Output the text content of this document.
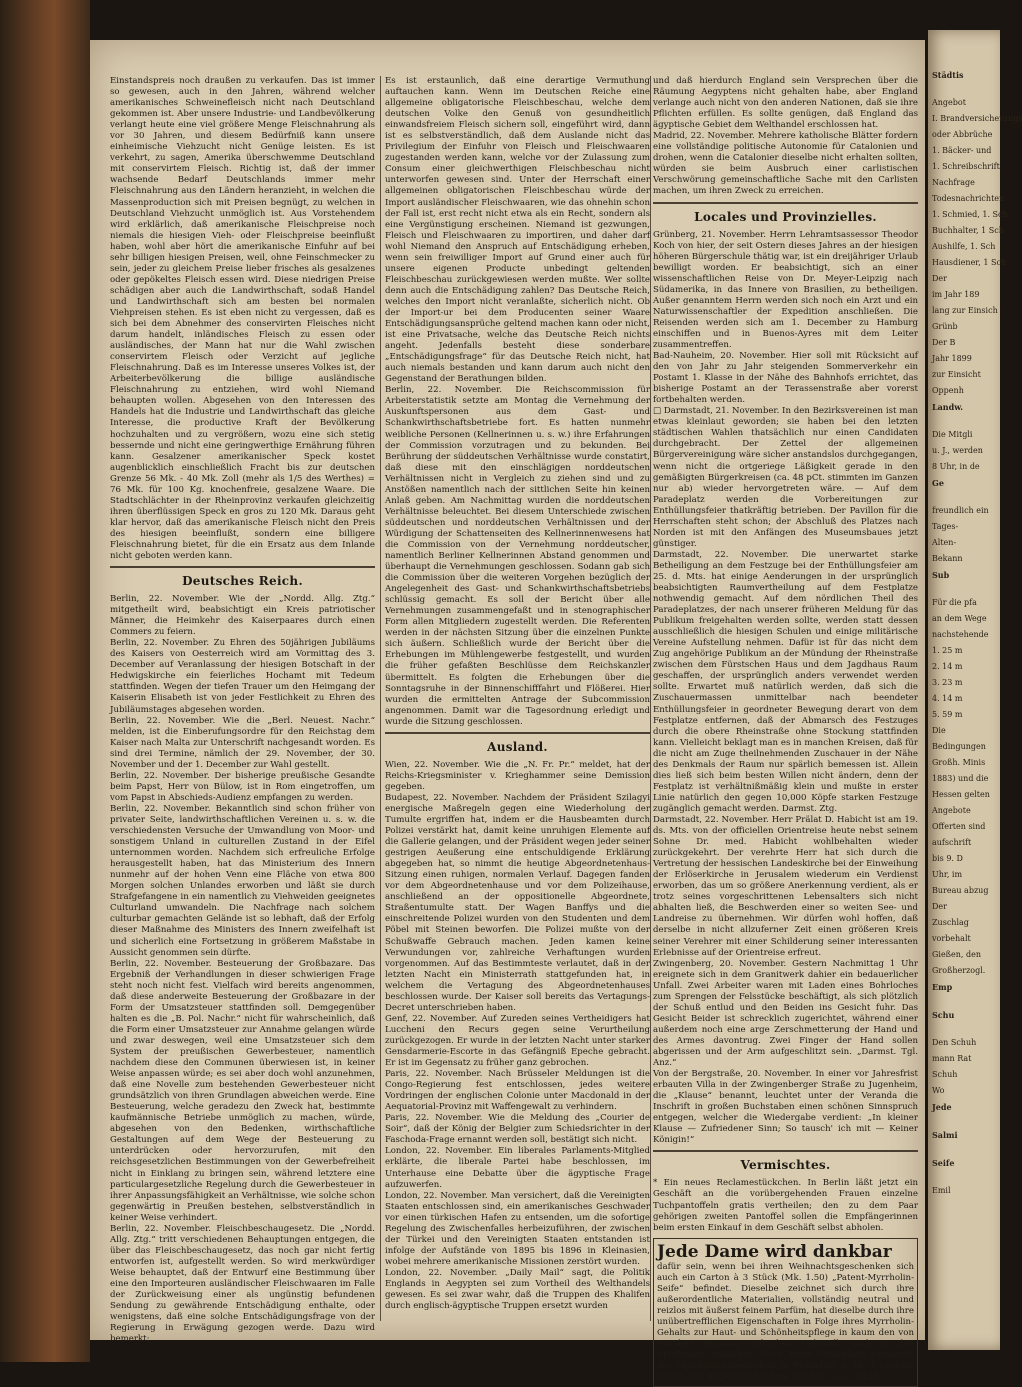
Einstandspreis noch draußen zu verkaufen. Das ist immer so gewesen, auch in den Jahren, während welcher amerikanisches Schweinefleisch nicht nach Deutschland gekommen ist. Aber unsere Industrie- und Landbevölkerung verlangt heute eine viel größere Menge Fleischnahrung als vor 30 Jahren, und diesem Bedürfniß kann unsere einheimische Viehzucht nicht Genüge leisten. Es ist verkehrt, zu sagen, Amerika überschwemme Deutschland mit conservirtem Fleisch. Richtig ist, daß der immer wachsende Bedarf Deutschlands immer mehr Fleischnahrung aus den Ländern heranzieht, in welchen die Massenproduction sich mit Preisen begnügt, zu welchen in Deutschland Viehzucht unmöglich ist. Aus Vorstehendem wird erklärlich, daß amerikanische Fleischpreise noch niemals die hiesigen Vieh- oder Fleischpreise beeinflußt haben, wohl aber hört die amerikanische Einfuhr auf bei sehr billigen hiesigen Preisen, weil, ohne Feinschmecker zu sein, jeder zu gleichem Preise lieber frisches als gesalzenes oder gepökeltes Fleisch essen wird. Diese niedrigen Preise schädigen aber auch die Landwirthschaft, sodaß Handel und Landwirthschaft sich am besten bei normalen Viehpreisen stehen. Es ist eben nicht zu vergessen, daß es sich bei dem Abnehmer des conservirten Fleisches nicht darum handelt, inländisches Fleisch zu essen oder ausländisches, der Mann hat nur die Wahl zwischen conservirtem Fleisch oder Verzicht auf jegliche Fleischnahrung. Daß es im Interesse unseres Volkes ist, der Arbeiterbevölkerung die billige ausländische Fleischnahrung zu entziehen, wird wohl Niemand behaupten wollen. Abgesehen von den Interessen des Handels hat die Industrie und Landwirthschaft das gleiche Interesse, die productive Kraft der Bevölkerung hochzuhalten und zu vergrößern, wozu eine sich stetig bessernde und nicht eine geringwerthige Ernährung führen kann. Gesalzener amerikanischer Speck kostet augenblicklich einschließlich Fracht bis zur deutschen Grenze 56 Mk. - 40 Mk. Zoll (mehr als 1/5 des Werthes) = 76 Mk. für 100 Kg. knochenfreie, gesalzene Waare. Die Stadtschlächter in der Rheinprovinz verkaufen gleichzeitig ihren überflüssigen Speck en gros zu 120 Mk. Daraus geht klar hervor, daß das amerikanische Fleisch nicht den Preis des hiesigen beeinflußt, sondern eine billigere Fleischnahrung bietet, für die ein Ersatz aus dem Inlande nicht geboten werden kann.

Deutsches Reich.

Berlin, 22. November. Wie der „Nordd. Allg. Ztg.“ mitgetheilt wird, beabsichtigt ein Kreis patriotischer Männer, die Heimkehr des Kaiserpaares durch einen Commers zu feiern.

Berlin, 22. November. Zu Ehren des 50jährigen Jubiläums des Kaisers von Oesterreich wird am Vormittag des 3. December auf Veranlassung der hiesigen Botschaft in der Hedwigskirche ein feierliches Hochamt mit Tedeum stattfinden. Wegen der tiefen Trauer um den Heimgang der Kaiserin Elisabeth ist von jeder Festlichkeit zu Ehren des Jubiläumstages abgesehen worden.

Berlin, 22. November. Wie die „Berl. Neuest. Nachr.“ melden, ist die Einberufungsordre für den Reichstag dem Kaiser nach Malta zur Unterschrift nachgesandt worden. Es sind drei Termine, nämlich der 29. November, der 30. November und der 1. December zur Wahl gestellt.

Berlin, 22. November. Der bisherige preußische Gesandte beim Papst, Herr von Bülow, ist in Rom eingetroffen, um vom Papst in Abschieds-Audienz empfangen zu werden.

Berlin, 22. November. Bekanntlich sind schon früher von privater Seite, landwirthschaftlichen Vereinen u. s. w. die verschiedensten Versuche der Umwandlung von Moor- und sonstigem Unland in culturellen Zustand in der Eifel unternommen worden. Nachdem sich erfreuliche Erfolge herausgestellt haben, hat das Ministerium des Innern nunmehr auf der hohen Venn eine Fläche von etwa 800 Morgen solchen Unlandes erworben und läßt sie durch Strafgefangene in ein namentlich zu Viehweiden geeignetes Culturland umwandeln. Die Nachfrage nach solchem culturbar gemachten Gelände ist so lebhaft, daß der Erfolg dieser Maßnahme des Ministers des Innern zweifelhaft ist und sicherlich eine Fortsetzung in größerem Maßstabe in Aussicht genommen sein dürfte.

Berlin, 22. November. Besteuerung der Großbazare. Das Ergebniß der Verhandlungen in dieser schwierigen Frage steht noch nicht fest. Vielfach wird bereits angenommen, daß diese anderweite Besteuerung der Großbazare in der Form der Umsatzsteuer stattfinden soll. Demgegenüber halten es die „B. Pol. Nachr.“ nicht für wahrscheinlich, daß die Form einer Umsatzsteuer zur Annahme gelangen würde und zwar deswegen, weil eine Umsatzsteuer sich dem System der preußischen Gewerbesteuer, namentlich nachdem diese den Communen überwiesen ist, in keiner Weise anpassen würde; es sei aber doch wohl anzunehmen, daß eine Novelle zum bestehenden Gewerbesteuer nicht grundsätzlich von ihren Grundlagen abweichen werde. Eine Besteuerung, welche geradezu den Zweck hat, bestimmte kaufmännische Betriebe unmöglich zu machen, würde, abgesehen von den Bedenken, wirthschaftliche Gestaltungen auf dem Wege der Besteuerung zu unterdrücken oder hervorzurufen, mit den reichsgesetzlichen Bestimmungen von der Gewerbefreiheit nicht in Einklang zu bringen sein, während letztere eine particulargesetzliche Regelung durch die Gewerbesteuer in ihrer Anpassungsfähigkeit an Verhältnisse, wie solche schon gegenwärtig in Preußen bestehen, selbstverständlich in keiner Weise verhindert.

Berlin, 22. November. Fleischbeschaugesetz. Die „Nordd. Allg. Ztg.“ tritt verschiedenen Behauptungen entgegen, die über das Fleischbeschaugesetz, das noch gar nicht fertig entworfen ist, aufgestellt werden. So wird merkwürdiger Weise behauptet, daß der Entwurf eine Bestimmung über eine den Importeuren ausländischer Fleischwaaren im Falle der Zurückweisung einer als ungünstig befundenen Sendung zu gewährende Entschädigung enthalte, oder wenigstens, daß eine solche Entschädigungsfrage von der Regierung in Erwägung gezogen werde. Dazu wird bemerkt:

Es ist erstaunlich, daß eine derartige Vermuthung auftauchen kann. Wenn im Deutschen Reiche eine allgemeine obligatorische Fleischbeschau, welche dem deutschen Volke den Genuß von gesundheitlich einwandsfreiem Fleisch sichern soll, eingeführt wird, dann ist es selbstverständlich, daß dem Auslande nicht das Privilegium der Einfuhr von Fleisch und Fleischwaaren zugestanden werden kann, welche vor der Zulassung zum Consum einer gleichwerthigen Fleischbeschau nicht unterworfen gewesen sind. Unter der Herrschaft einer allgemeinen obligatorischen Fleischbeschau würde der Import ausländischer Fleischwaaren, wie das ohnehin schon der Fall ist, erst recht nicht etwa als ein Recht, sondern als eine Vergünstigung erscheinen. Niemand ist gezwungen, Fleisch und Fleischwaaren zu importiren, und daher darf wohl Niemand den Anspruch auf Entschädigung erheben, wenn sein freiwilliger Import auf Grund einer auch für unsere eigenen Producte unbedingt geltenden Fleischbeschau zurückgewiesen werden mußte. Wer sollte denn auch die Entschädigung zahlen? Das Deutsche Reich, welches den Import nicht veranlaßte, sicherlich nicht. Ob der Import-ur bei dem Producenten seiner Waare Entschädigungsansprüche geltend machen kann oder nicht, ist eine Privatsache, welche das Deutsche Reich nichts angeht. Jedenfalls besteht diese sonderbare „Entschädigungsfrage“ für das Deutsche Reich nicht, hat auch niemals bestanden und kann darum auch nicht den Gegenstand der Berathungen bilden.

Berlin, 22. November. Die Reichscommission für Arbeiterstatistik setzte am Montag die Vernehmung der Auskunftspersonen aus dem Gast- und Schankwirthschaftsbetriebe fort. Es hatten nunmehr weibliche Personen (Kellnerinnen u. s. w.) ihre Erfahrungen der Commission vorzutragen und zu bekunden. Bei Berührung der süddeutschen Verhältnisse wurde constatirt, daß diese mit den einschlägigen norddeutschen Verhältnissen nicht in Vergleich zu ziehen sind und zu Anstößen namentlich nach der sittlichen Seite hin keinen Anlaß geben. Am Nachmittag wurden die norddeutschen Verhältnisse beleuchtet. Bei diesem Unterschiede zwischen süddeutschen und norddeutschen Verhältnissen und der Würdigung der Schattenseiten des Kellnerinnenwesens hat die Commission von der Vernehmung norddeutscher, namentlich Berliner Kellnerinnen Abstand genommen und überhaupt die Vernehmungen geschlossen. Sodann gab sich die Commission über die weiteren Vorgehen bezüglich der Angelegenheit des Gast- und Schankwirthschaftsbetriebs schlüssig gemacht. Es soll der Bericht über alle Vernehmungen zusammengefaßt und in stenographischer Form allen Mitgliedern zugestellt werden. Die Referenten werden in der nächsten Sitzung über die einzelnen Punkte sich äußern. Schließlich wurde der Bericht über die Erhebungen im Mühlengewerbe festgestellt, und wurden die früher gefaßten Beschlüsse dem Reichskanzler übermittelt. Es folgten die Erhebungen über die Sonntagsruhe in der Binnenschifffahrt und Flößerei. Hier wurden die ermittelten Antrage der Subcommission angenommen. Damit war die Tagesordnung erledigt und wurde die Sitzung geschlossen.

Ausland.

Wien, 22. November. Wie die „N. Fr. Pr.“ meldet, hat der Reichs-Kriegsminister v. Krieghammer seine Demission gegeben.

Budapest, 22. November. Nachdem der Präsident Szilagyi energische Maßregeln gegen eine Wiederholung der Tumulte ergriffen hat, indem er die Hausbeamten durch Polizei verstärkt hat, damit keine unruhigen Elemente auf die Gallerie gelangen, und der Präsident wegen jeder seiner gestrigen Aeußerung eine entschuldigende Erklärung abgegeben hat, so nimmt die heutige Abgeordnetenhaus-Sitzung einen ruhigen, normalen Verlauf. Dagegen fanden vor dem Abgeordnetenhause und vor dem Polizeihause, anschließend an der oppositionelle Abgeordnete, Straßentumulte statt. Der Wagen Banffys und die einschreitende Polizei wurden von den Studenten und dem Pöbel mit Steinen beworfen. Die Polizei mußte von der Schußwaffe Gebrauch machen. Jeden kamen keine Verwundungen vor, zahlreiche Verhaftungen wurden vorgenommen. Auf das Bestimmteste verlautet, daß in der letzten Nacht ein Ministerrath stattgefunden hat, in welchem die Vertagung des Abgeordnetenhauses beschlossen wurde. Der Kaiser soll bereits das Vertagungs-Decret unterschrieben haben.

Genf, 22. November. Auf Zureden seines Vertheidigers hat Luccheni den Recurs gegen seine Verurtheilung zurückgezogen. Er wurde in der letzten Nacht unter starker Gensdarmerie-Escorte in das Gefängniß Epeche gebracht. Er ist im Gegensatz zu früher ganz gebrochen.

Paris, 22. November. Nach Brüsseler Meldungen ist die Congo-Regierung fest entschlossen, jedes weitere Vordringen der englischen Colonie unter Macdonald in der Aequatorial-Provinz mit Waffengewalt zu verhindern.

Paris, 22. November. Wie die Meldung des „Courier de Soir“, daß der König der Belgier zum Schiedsrichter in der Faschoda-Frage ernannt werden soll, bestätigt sich nicht.

London, 22. November. Ein liberales Parlaments-Mitglied erklärte, die liberale Partei habe beschlossen, im Unterhause eine Debatte über die ägyptische Frage aufzuwerfen.

London, 22. November. Man versichert, daß die Vereinigten Staaten entschlossen sind, ein amerikanisches Geschwader vor einen türkischen Hafen zu entsenden, um die sofortige Regelung des Zwischenfalles herbeizuführen, der zwischen der Türkei und den Vereinigten Staaten entstanden ist infolge der Aufstände von 1895 bis 1896 in Kleinasien, wobei mehrere amerikanische Missionen zerstört wurden.

London, 22. November. „Daily Mail“ sagt, die Politik Englands in Aegypten sei zum Vortheil des Welthandels gewesen. Es sei zwar wahr, daß die Truppen des Khalifen durch englisch-ägyptische Truppen ersetzt wurden

und daß hierdurch England sein Versprechen über die Räumung Aegyptens nicht gehalten habe, aber England verlange auch nicht von den anderen Nationen, daß sie ihre Pflichten erfüllen. Es sollte genügen, daß England das ägyptische Gebiet dem Welthandel erschlossen hat.

Madrid, 22. November. Mehrere katholische Blätter fordern eine vollständige politische Autonomie für Catalonien und drohen, wenn die Catalonier dieselbe nicht erhalten sollten, würden sie beim Ausbruch einer carlistischen Verschwörung gemeinschaftliche Sache mit den Carlisten machen, um ihren Zweck zu erreichen.

Locales und Provinzielles.

Grünberg, 21. November. Herrn Lehramtsassessor Theodor Koch von hier, der seit Ostern dieses Jahres an der hiesigen höheren Bürgerschule thätig war, ist ein dreijähriger Urlaub bewilligt worden. Er beabsichtigt, sich an einer wissenschaftlichen Reise von Dr. Meyer-Leipzig nach Südamerika, in das Innere von Brasilien, zu betheiligen. Außer genanntem Herrn werden sich noch ein Arzt und ein Naturwissenschaftler der Expedition anschließen. Die Reisenden werden sich am 1. December zu Hamburg einschiffen und in Buenos-Ayres mit dem Leiter zusammentreffen.

Bad-Nauheim, 20. November. Hier soll mit Rücksicht auf den von Jahr zu Jahr steigenden Sommerverkehr ein Postamt 1. Klasse in der Nähe des Bahnhofs errichtet, das bisherige Postamt an der Terassenstraße aber vorerst fortbehalten werden.

□ Darmstadt, 21. November. In den Bezirksvereinen ist man etwas kleinlaut geworden; sie haben bei den letzten städtischen Wahlen thatsächlich nur einen Candidaten durchgebracht. Der Zettel der allgemeinen Bürgervereinigung wäre sicher anstandslos durchgegangen, wenn nicht die ortgeriege Läßigkeit gerade in den gemäßigten Bürgerkreisen (ca. 48 pCt. stimmten im Ganzen nur ab) wieder hervorgetreten wäre. — Auf dem Paradeplatz werden die Vorbereitungen zur Enthüllungsfeier thatkräftig betrieben. Der Pavillon für die Herrschaften steht schon; der Abschluß des Platzes nach Norden ist mit den Anfängen des Museumsbaues jetzt günstiger.

Darmstadt, 22. November. Die unerwartet starke Betheiligung an dem Festzuge bei der Enthüllungsfeier am 25. d. Mts. hat einige Aenderungen in der ursprünglich beabsichtigten Raumvertheilung auf dem Festplatze nothwendig gemacht. Auf dem nördlichen Theil des Paradeplatzes, der nach unserer früheren Meldung für das Publikum freigehalten werden sollte, werden statt dessen ausschließlich die hiesigen Schulen und einige militärische Vereine Aufstellung nehmen. Dafür ist für das nicht dem Zug angehörige Publikum an der Mündung der Rheinstraße zwischen dem Fürstschen Haus und dem Jagdhaus Raum geschaffen, der ursprünglich anders verwendet werden sollte. Erwartet muß natürlich werden, daß sich die Zuschauermassen unmittelbar nach beendeter Enthüllungsfeier in geordneter Bewegung derart von dem Festplatze entfernen, daß der Abmarsch des Festzuges durch die obere Rheinstraße ohne Stockung stattfinden kann. Vielleicht beklagt man es in manchen Kreisen, daß für die nicht am Zuge theilnehmenden Zuschauer in der Nähe des Denkmals der Raum nur spärlich bemessen ist. Allein dies ließ sich beim besten Willen nicht ändern, denn der Festplatz ist verhältnißmäßig klein und mußte in erster Linie natürlich den gegen 10,000 Köpfe starken Festzuge zugänglich gemacht werden. Darmst. Ztg.

Darmstadt, 22. November. Herr Prälat D. Habicht ist am 19. ds. Mts. von der officiellen Orientreise heute nebst seinem Sohne Dr. med. Habicht wohlbehalten wieder zurückgekehrt. Der verehrte Herr hat sich durch die Vertretung der hessischen Landeskirche bei der Einweihung der Erlöserkirche in Jerusalem wiederum ein Verdienst erworben, das um so größere Anerkennung verdient, als er trotz seines vorgeschrittenen Lebensalters sich nicht abhalten ließ, die Beschwerden einer so weiten See- und Landreise zu übernehmen. Wir dürfen wohl hoffen, daß derselbe in nicht allzuferner Zeit einen größeren Kreis seiner Verehrer mit einer Schilderung seiner interessanten Erlebnisse auf der Orientreise erfreut.

Zwingenberg, 20. November. Gestern Nachmittag 1 Uhr ereignete sich in dem Granitwerk dahier ein bedauerlicher Unfall. Zwei Arbeiter waren mit Laden eines Bohrloches zum Sprengen der Felsstücke beschäftigt, als sich plötzlich der Schuß entlud und den Beiden ins Gesicht fuhr. Das Gesicht Beider ist schrecklich zugerichtet, während einer außerdem noch eine arge Zerschmetterung der Hand und des Armes davontrug. Zwei Finger der Hand sollen abgerissen und der Arm aufgeschlitzt sein. „Darmst. Tgl. Anz.“

Von der Bergstraße, 20. November. In einer vor Jahresfrist erbauten Villa in der Zwingenberger Straße zu Jugenheim, die „Klause“ benannt, leuchtet unter der Veranda die Inschrift in großen Buchstaben einen schönen Sinnspruch entgegen, welcher die Wiedergabe verdient: „In kleiner Klause — Zufriedener Sinn; So tausch' ich mit — Keiner Königin!“

Vermischtes.

* Ein neues Reclamestückchen. In Berlin läßt jetzt ein Geschäft an die vorübergehenden Frauen einzelne Tuchpantoffeln gratis vertheilen; den zu dem Paar gehörigen zweiten Pantoffel sollen die Empfängerinnen beim ersten Einkauf in dem Geschäft selbst abholen.

Jede Dame wird dankbar
dafür sein, wenn bei ihren Weihnachtsgeschenken sich auch ein Carton à 3 Stück (Mk. 1.50) „Patent-Myrrholin-Seife“ befindet. Dieselbe zeichnet sich durch ihre außerordentliche Materialien, vollständig neutral und reizlos mit äußerst feinem Parfüm, hat dieselbe durch ihre unübertrefflichen Eigenschaften in Folge ihres Myrrholin-Gehalts zur Haut- und Schönheitspflege in kaum den von Familien Eingang gefunden. Ueberall, auch in den Apotheken, erhältlich. Noch keine Niederlage vermittelt der Myrrholin-Gesellschaft in Frankfurt a. M. 2 Cartons franco und gegen Nachnahme von Mk. 3.—. 10125
Städtis
Angebot
I. Brandversicherungs
oder Abbrüche
1. Bäcker- und
1. Schreibschrift
Nachfrage
Todesnachrichten
1. Schmied, 1. Sch
Buchhalter, 1 Sch
Aushilfe, 1. Sch
Hausdiener, 1 Sch
Der
im Jahr 189
lang zur Einsich
Grünb
Der B
Jahr 1899
zur Einsicht
Oppenh
Landw.
Die Mitgli
u. J., werden
8 Uhr, in de
Ge
freundlich ein
Tages-
Alten-
Bekann
Sub
Für die pfa
an dem Wege
nachstehende
1. 25 m
2. 14 m
3. 23 m
4. 14 m
5. 59 m
Die
Bedingungen
Großh. Minis
1883) und die
Hessen gelten
Angebote
Offerten sind
aufschrift
bis 9. D
Uhr, im
Bureau abzug
Der
Zuschlag
vorbehalt
Gießen, den
Großherzogl.
Emp
Schu
Den Schuh
mann Rat
Schuh
Wo
Jede
Salmi
Seife
Emil
